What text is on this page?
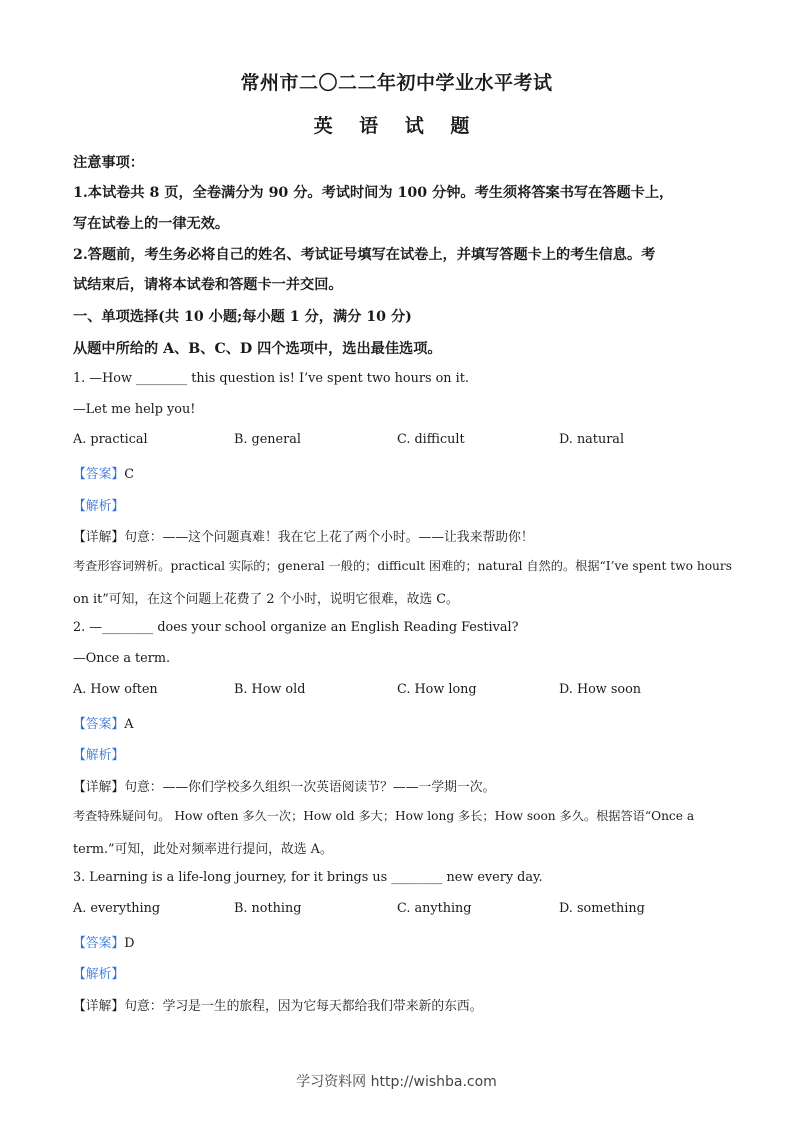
常州市二〇二二年初中学业水平考试
英 语 试 题
注意事项：
1.本试卷共 8 页，全卷满分为 90 分。考试时间为 100 分钟。考生须将答案书写在答题卡上，
写在试卷上的一律无效。
2.答题前，考生务必将自己的姓名、考试证号填写在试卷上，并填写答题卡上的考生信息。考
试结束后，请将本试卷和答题卡一并交回。
一、单项选择(共 10 小题;每小题 1 分，满分 10 分)
从题中所给的 A、B、C、D 四个选项中，选出最佳选项。
1. —How ________ this question is! I’ve spent two hours on it.
—Let me help you!
A. practical	B. general	C. difficult	D. natural
【答案】C
【解析】
【详解】句意：——这个问题真难！我在它上花了两个小时。——让我来帮助你！
考查形容词辨析。practical 实际的；general 一般的；difficult 困难的；natural 自然的。根据“I’ve spent two hours
on it”可知，在这个问题上花费了 2 个小时，说明它很难，故选 C。
2. —________ does your school organize an English Reading Festival?
—Once a term.
A. How often	B. How old	C. How long	D. How soon
【答案】A
【解析】
【详解】句意：——你们学校多久组织一次英语阅读节？——一学期一次。
考查特殊疑问句。 How often 多久一次；How old 多大；How long 多长；How soon 多久。根据答语“Once a
term.”可知，此处对频率进行提问，故选 A。
3. Learning is a life-long journey, for it brings us ________ new every day.
A. everything	B. nothing	C. anything	D. something
【答案】D
【解析】
【详解】句意：学习是一生的旅程，因为它每天都给我们带来新的东西。
学习资料网 http://wishba.com
